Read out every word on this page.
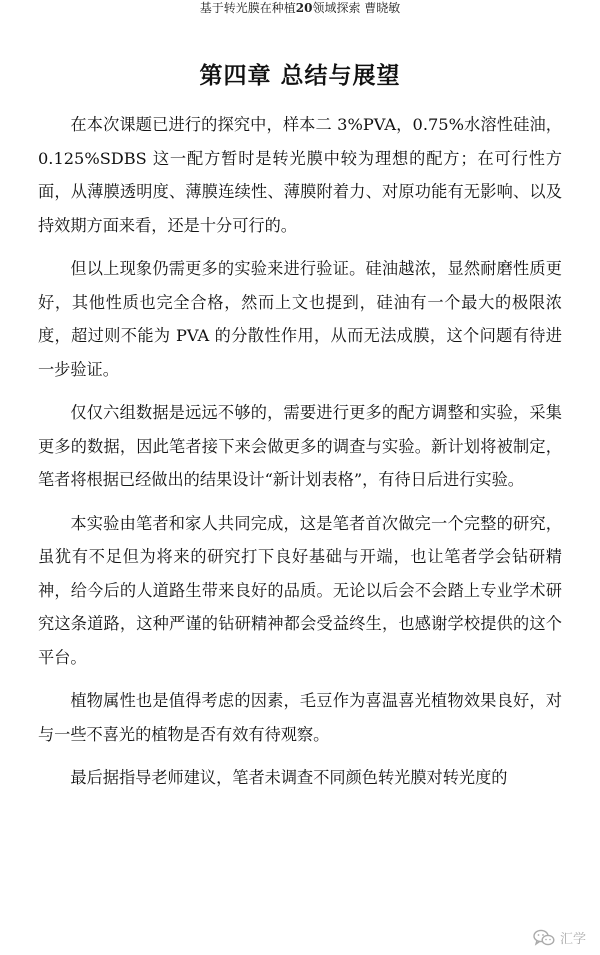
基于转光膜在种植20领域探索 曹晓敏
第四章 总结与展望

在本次课题已进行的探究中，样本二 3%PVA，0.75%水溶性硅油，0.125%SDBS 这一配方暂时是转光膜中较为理想的配方；在可行性方面，从薄膜透明度、薄膜连续性、薄膜附着力、对原功能有无影响、以及持效期方面来看，还是十分可行的。

但以上现象仍需更多的实验来进行验证。硅油越浓，显然耐磨性质更好，其他性质也完全合格，然而上文也提到，硅油有一个最大的极限浓度，超过则不能为 PVA 的分散性作用，从而无法成膜，这个问题有待进一步验证。

仅仅六组数据是远远不够的，需要进行更多的配方调整和实验，采集更多的数据，因此笔者接下来会做更多的调查与实验。新计划将被制定，笔者将根据已经做出的结果设计“新计划表格”，有待日后进行实验。

本实验由笔者和家人共同完成，这是笔者首次做完一个完整的研究，虽犹有不足但为将来的研究打下良好基础与开端，也让笔者学会钻研精神，给今后的人道路生带来良好的品质。无论以后会不会踏上专业学术研究这条道路，这种严谨的钻研精神都会受益终生，也感谢学校提供的这个平台。

植物属性也是值得考虑的因素，毛豆作为喜温喜光植物效果良好，对与一些不喜光的植物是否有效有待观察。

最后据指导老师建议，笔者未调查不同颜色转光膜对转光度的

汇学
